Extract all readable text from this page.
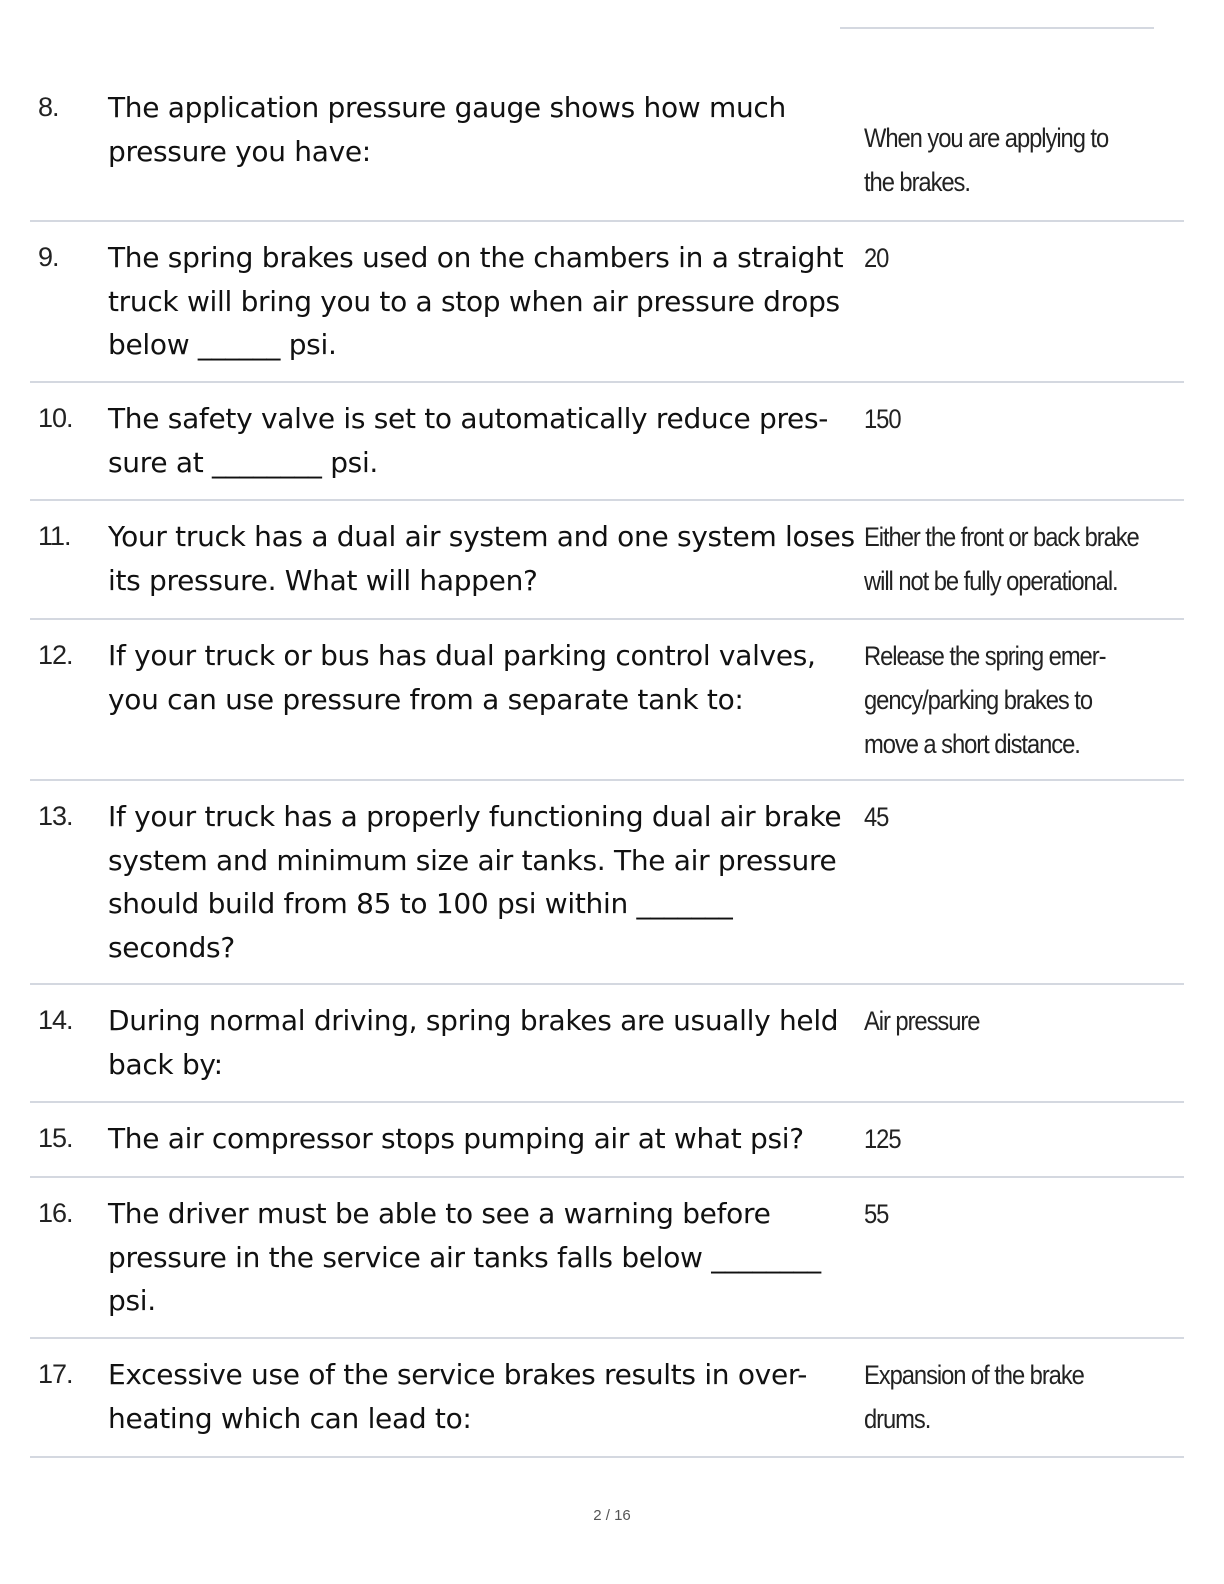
8. The application pressure gauge shows how much pressure you have:	When you are applying to the brakes.
9. The spring brakes used on the chambers in a straight truck will bring you to a stop when air pressure drops below ______ psi.
20
10. The safety valve is set to automatically reduce pres- sure at ________ psi.
150
11. Your truck has a dual air system and one system loses its pressure. What will happen?
Either the front or back brake will not be fully operational.
12. If your truck or bus has dual parking control valves, you can use pressure from a separate tank to:
Release the spring emer- gency/parking brakes to move a short distance.
13. If your truck has a properly functioning dual air brake system and minimum size air tanks. The air pressure should build from 85 to 100 psi within _______ seconds?
45
14. During normal driving, spring brakes are usually held back by:
Air pressure
15. The air compressor stops pumping air at what psi?	125
16. The driver must be able to see a warning before pressure in the service air tanks falls below ________ psi.
55
17. Excessive use of the service brakes results in over- heating which can lead to:
Expansion of the brake drums.
2 / 16
